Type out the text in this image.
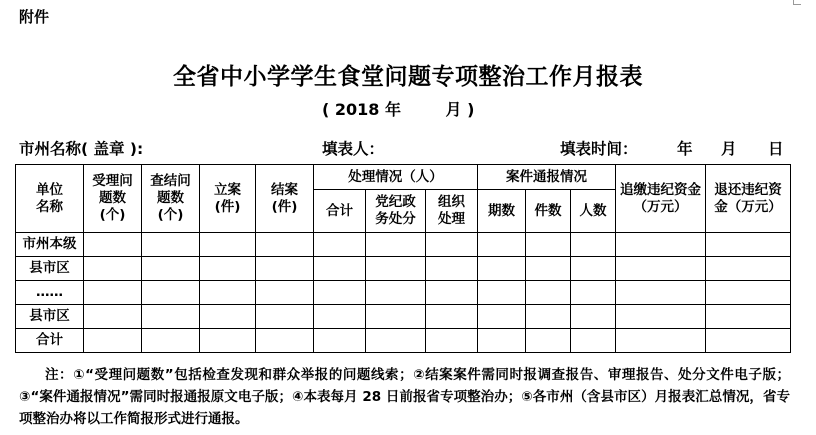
附件
全省中小学学生食堂问题专项整治工作月报表
( 2018 年        月 )
市州名称( 盖章 ):	填表人：	填表时间：	年 月 日
单位名称	受理问题数(个)	查结问题数(个)	立案(件)	结案(件)	处理情况（人）			案件通报情况			追缴违纪资金（万元）	退还违纪资金（万元）

					合计	党纪政务处分	组织处理	期数	件数	人数		
市州本级												
县市区												
……												
县市区												
合计												

注：①“受理问题数”包括检查发现和群众举报的问题线索；②结案案件需同时报调查报告、审理报告、处分文件电子版；③“案件通报情况”需同时报通报原文电子版；④本表每月 28 日前报省专项整治办；⑤各市州（含县市区）月报表汇总情况，省专项整治办将以工作简报形式进行通报。
